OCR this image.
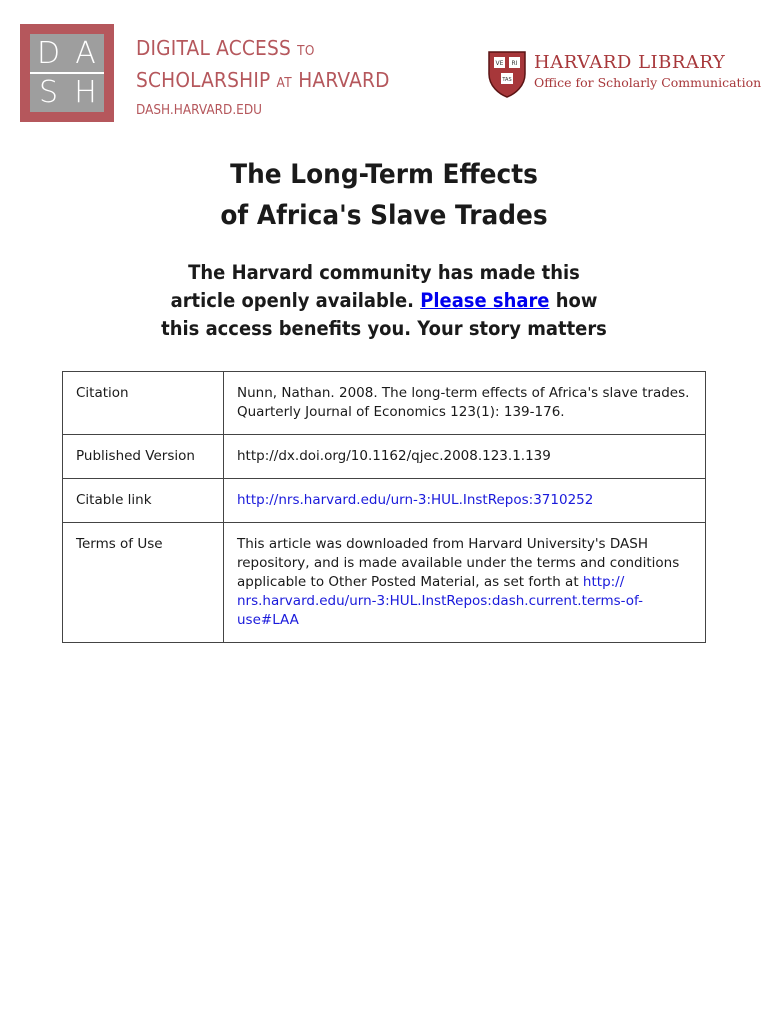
D A
S H
DIGITAL ACCESS TO
SCHOLARSHIP AT HARVARD
DASH.HARVARD.EDU
VE RI
TAS
HARVARD LIBRARY
Office for Scholarly Communication
The Long-Term Effects
of Africa's Slave Trades
The Harvard community has made this
article openly available. Please share how
this access benefits you. Your story matters
Citation	Nunn, Nathan. 2008. The long-term effects of Africa's slave trades.
Quarterly Journal of Economics 123(1): 139-176.

Published Version	http://dx.doi.org/10.1162/qjec.2008.123.1.139
Citable link	http://nrs.harvard.edu/urn-3:HUL.InstRepos:3710252
Terms of Use	This article was downloaded from Harvard University's DASH
repository, and is made available under the terms and conditions
applicable to Other Posted Material, as set forth at http://
nrs.harvard.edu/urn-3:HUL.InstRepos:dash.current.terms-of-
use#LAA
